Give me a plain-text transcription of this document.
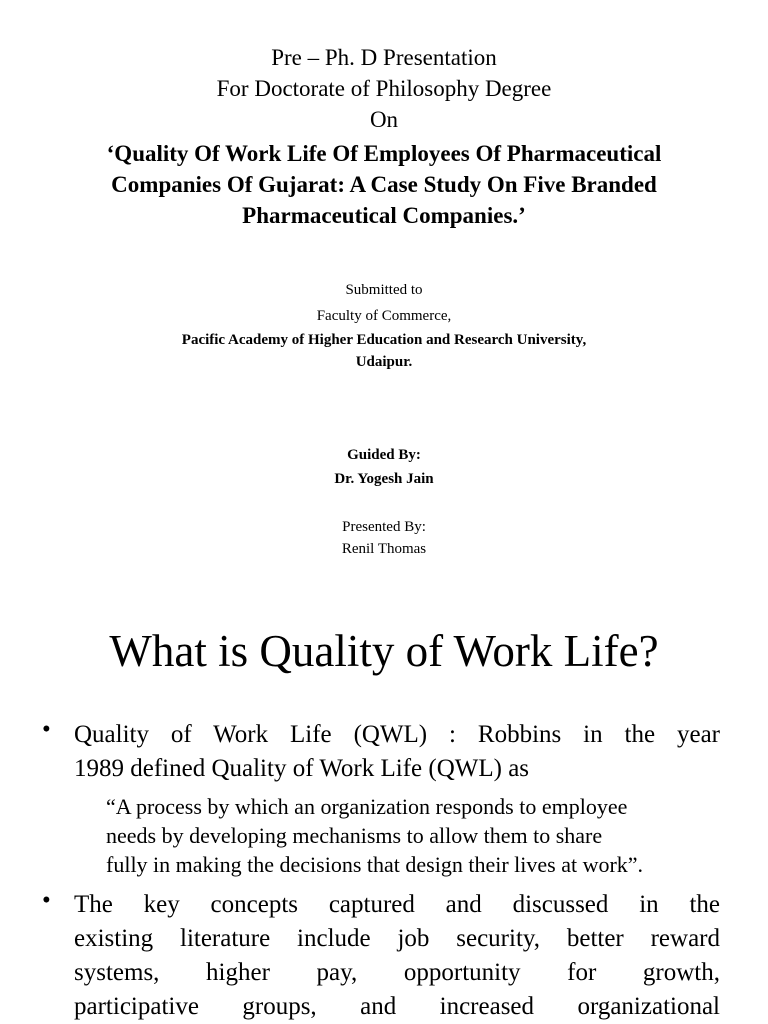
Pre – Ph. D Presentation
For Doctorate of Philosophy Degree
On
‘Quality Of Work Life Of Employees Of Pharmaceutical
Companies Of Gujarat: A Case Study On Five Branded
Pharmaceutical Companies.’
Submitted to
Faculty of Commerce,
Pacific Academy of Higher Education and Research University,
Udaipur.
Guided By:
Dr. Yogesh Jain
Presented By:
Renil Thomas
What is Quality of Work Life?
• Quality of Work Life (QWL) : Robbins in the year
1989 defined Quality of Work Life (QWL) as
“A process by which an organization responds to employee
needs by developing mechanisms to allow them to share
fully in making the decisions that design their lives at work”.
• The key concepts captured and discussed in the
existing literature include job security, better reward
systems, higher pay, opportunity for growth,
participative groups, and increased organizational
